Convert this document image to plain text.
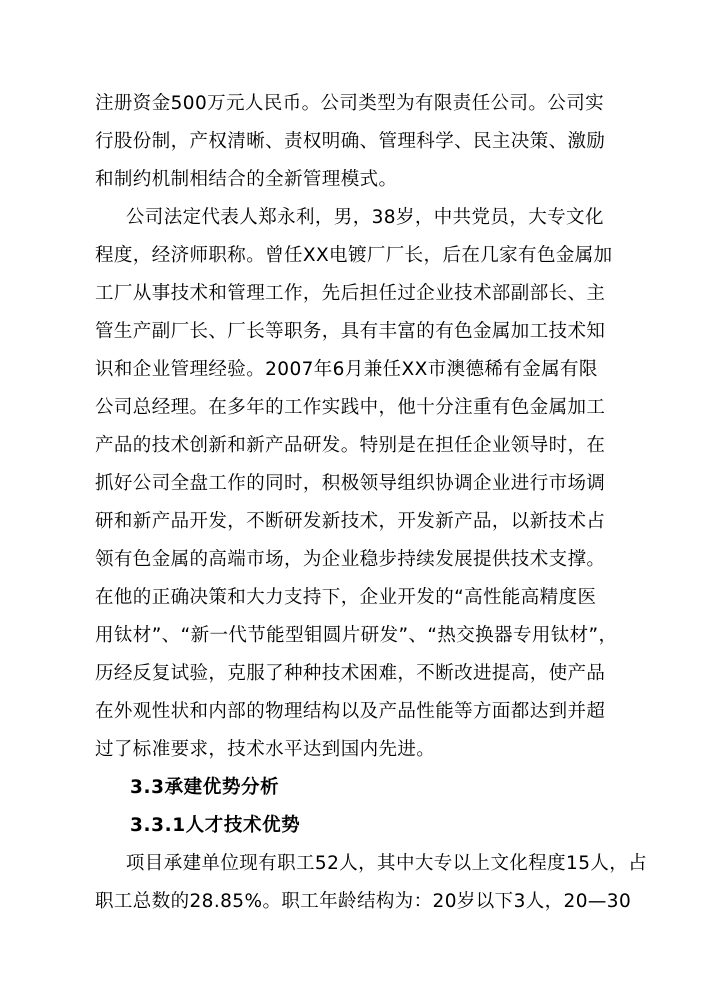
注册资金500万元人民币。公司类型为有限责任公司。公司实
行股份制，产权清晰、责权明确、管理科学、民主决策、激励
和制约机制相结合的全新管理模式。
　公司法定代表人郑永利，男，38岁，中共党员，大专文化
程度，经济师职称。曾任XX电镀厂厂长，后在几家有色金属加
工厂从事技术和管理工作，先后担任过企业技术部副部长、主
管生产副厂长、厂长等职务，具有丰富的有色金属加工技术知
识和企业管理经验。2007年6月兼任XX市澳德稀有金属有限
公司总经理。在多年的工作实践中，他十分注重有色金属加工
产品的技术创新和新产品研发。特别是在担任企业领导时，在
抓好公司全盘工作的同时，积极领导组织协调企业进行市场调
研和新产品开发，不断研发新技术，开发新产品，以新技术占
领有色金属的高端市场，为企业稳步持续发展提供技术支撑。
在他的正确决策和大力支持下，企业开发的“高性能高精度医
用钛材”、“新一代节能型钼圆片研发”、“热交换器专用钛材”，
历经反复试验，克服了种种技术困难，不断改进提高，使产品
在外观性状和内部的物理结构以及产品性能等方面都达到并超
过了标准要求，技术水平达到国内先进。
3.3承建优势分析
3.3.1人才技术优势
　项目承建单位现有职工52人，其中大专以上文化程度15人，占
职工总数的28.85%。职工年龄结构为：20岁以下3人，20—30
